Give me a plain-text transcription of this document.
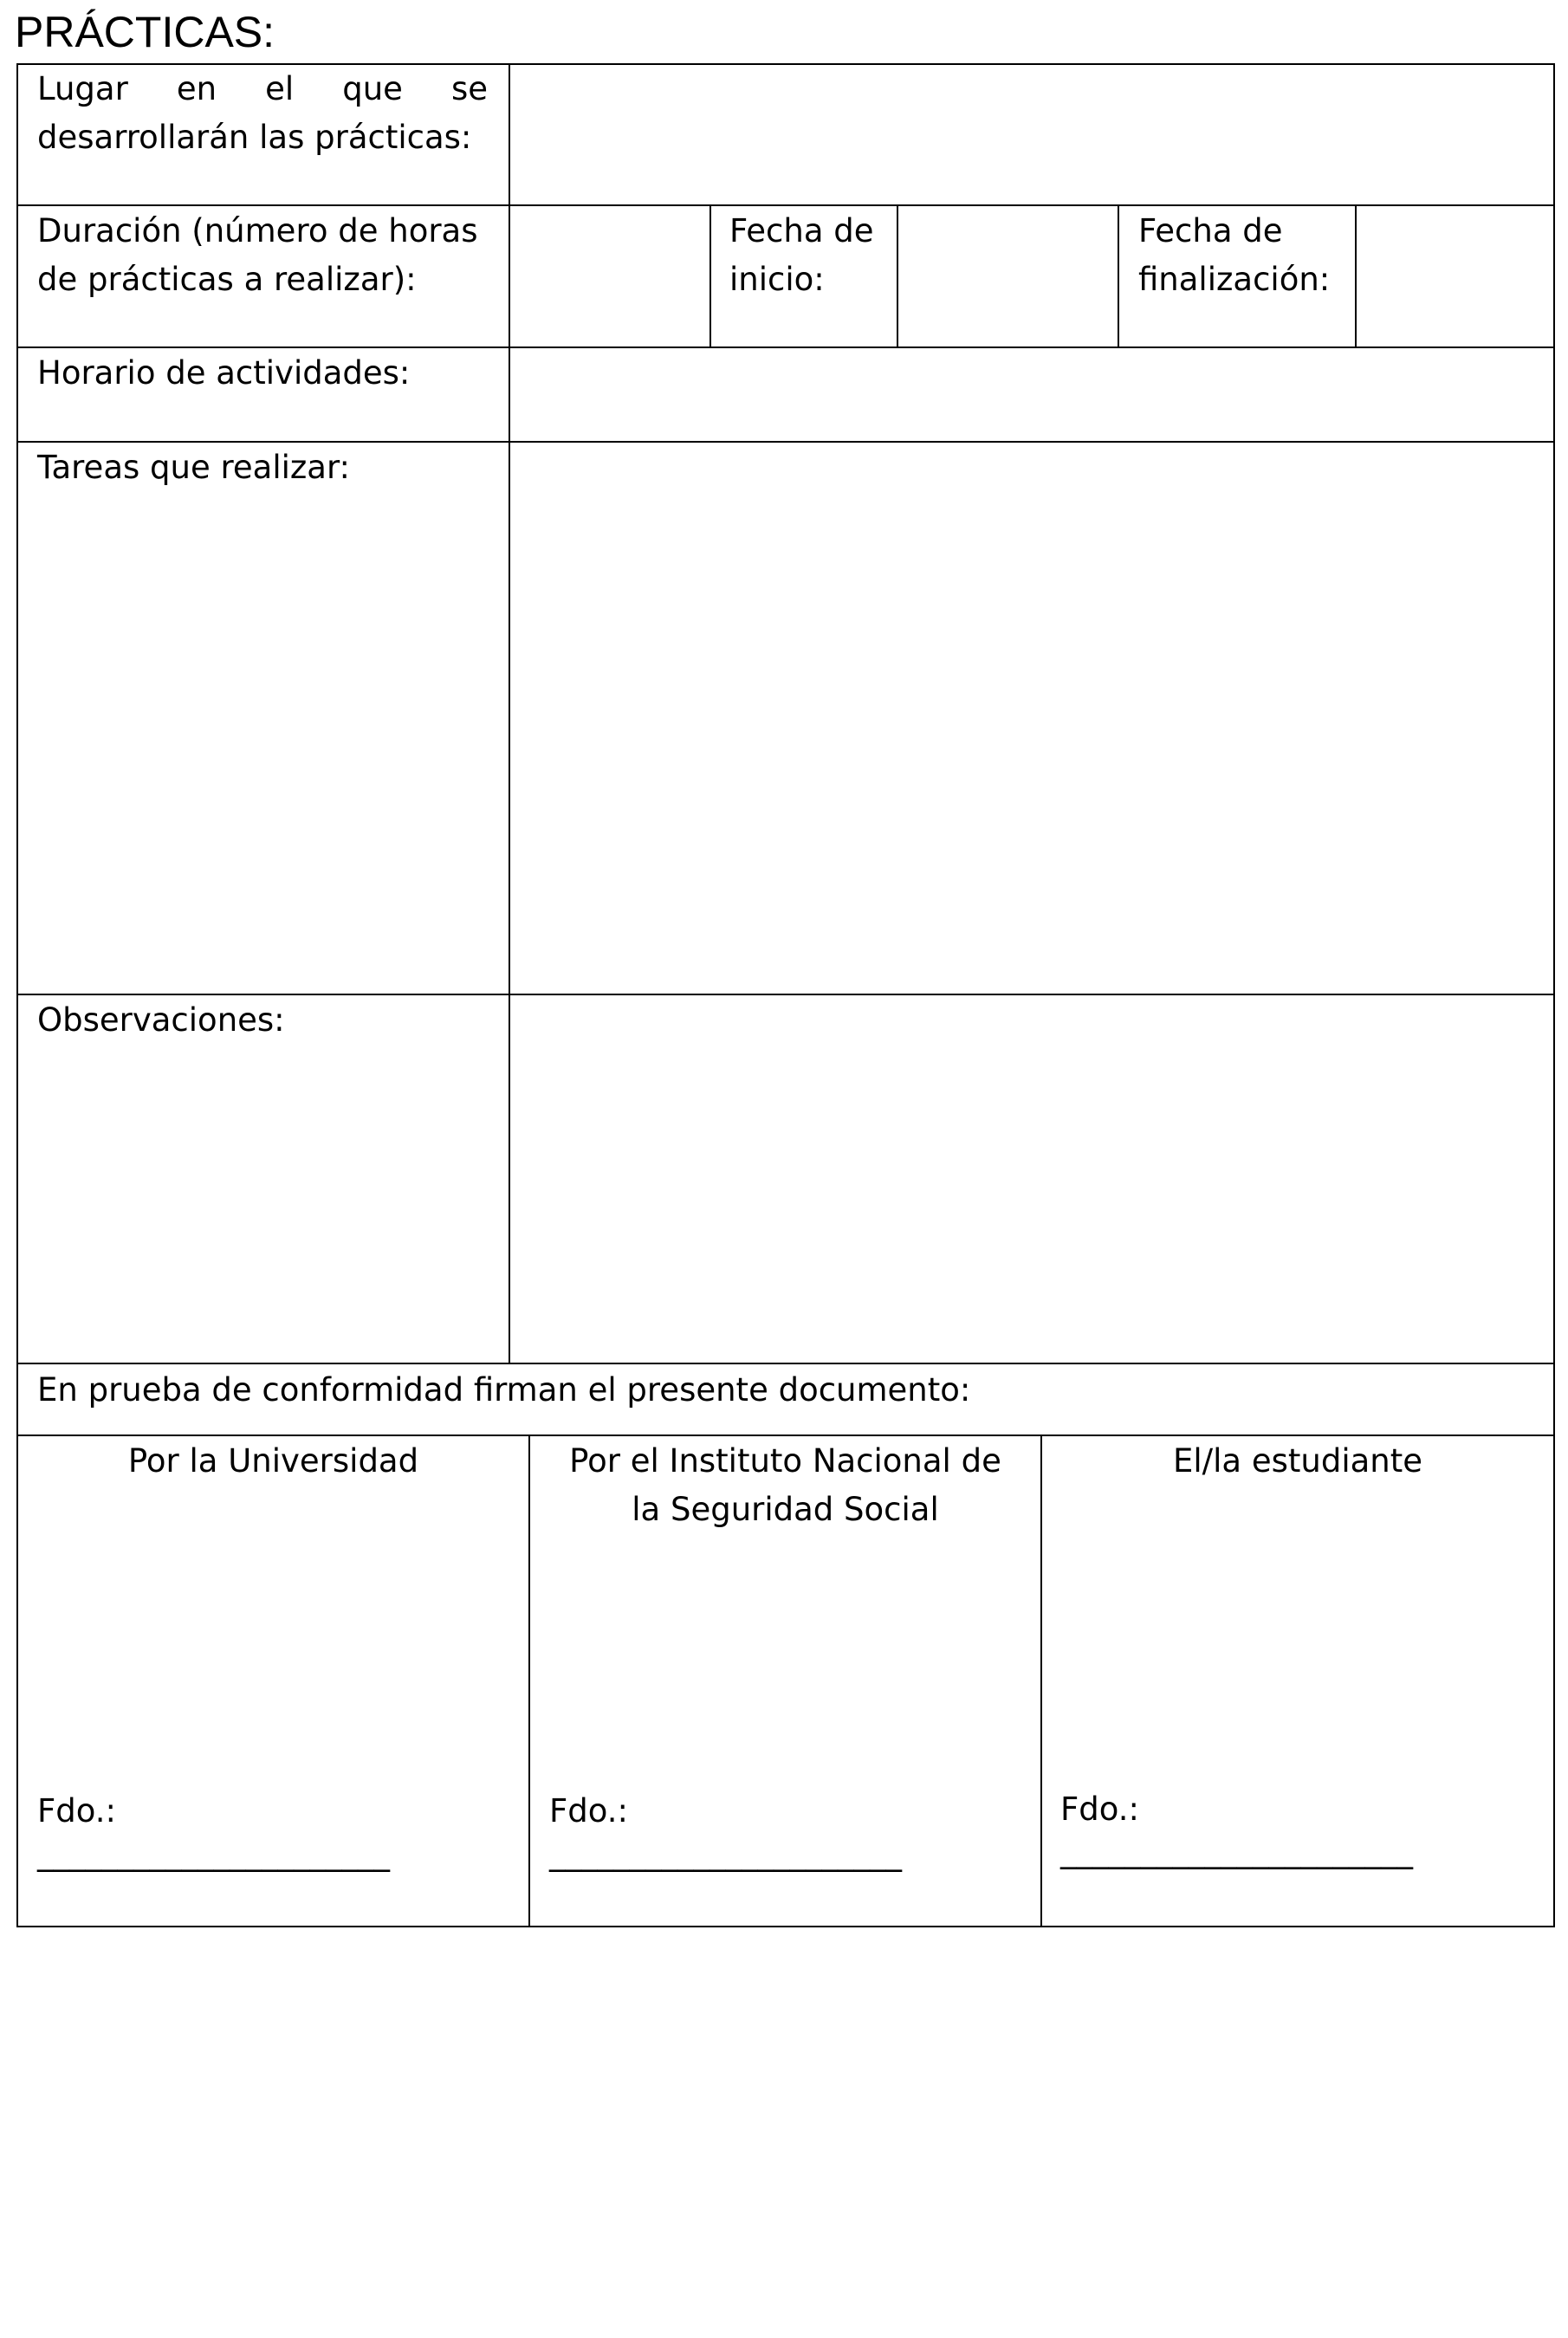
PRÁCTICAS:
Lugar en el que se
desarrollarán las prácticas:
Duración (número de horas
de prácticas a realizar):
Fecha de
inicio:
Fecha de
finalización:
Horario de actividades:
Tareas que realizar:
Observaciones:
En prueba de conformidad firman el presente documento:
Por la Universidad
Fdo.:
______________________
Por el Instituto Nacional de
la Seguridad Social
Fdo.:
______________________
El/la estudiante
Fdo.:
______________________
